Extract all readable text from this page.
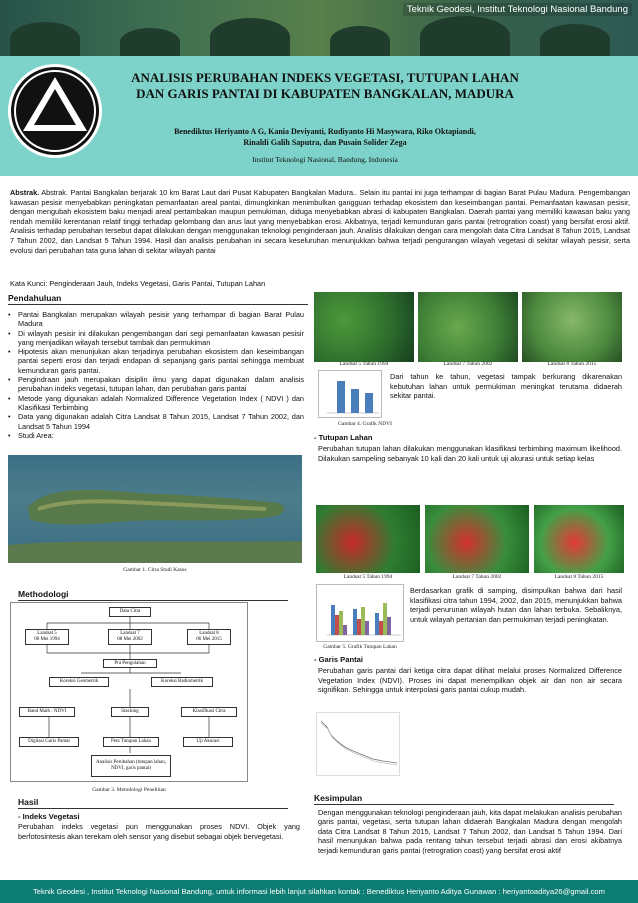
Teknik Geodesi, Institut Teknologi Nasional Bandung
ANALISIS PERUBAHAN INDEKS VEGETASI, TUTUPAN LAHAN
DAN GARIS PANTAI DI KABUPATEN BANGKALAN, MADURA
Benediktus Heriyanto A G, Kania Deviyanti, Rudiyanto Hi Masywara, Riko Oktapiandi,
Rinaldi Galih Saputra, dan Pusain Solider Zega
Institut Teknologi Nasional, Bandung, Indonesia
Abstrak. Abstrak. Pantai Bangkalan berjarak 10 km Barat Laut dari Pusat Kabupaten Bangkalan Madura.. Selain itu pantai ini juga terhampar di bagian Barat Pulau Madura. Pengembangan kawasan pesisir menyebabkan peningkatan pemanfaatan areal pantai, dimungkinkan menimbulkan gangguan terhadap ekosistem dan keseimbangan pantai. Pemanfaatan kawasan pesisir, dengan mengubah ekosistem baku menjadi areal pertambakan maupun pemukiman, diduga menyebabkan abrasi di kabupaten Bangkalan. Daerah pantai yang memiliki kawasan baku yang rendah memiliki kerentanan relatif tinggi terhadap gelombang dan arus laut yang menyebabkan erosi. Akibatnya, terjadi kemunduran garis pantai (retrogration coast) yang bersifat erosi aktif. Analisis terhadap perubahan tersebut dapat dilakukan dengan menggunakan teknologi penginderaan jauh. Analisis dilakukan dengan cara mengolah data Citra Landsat 8 Tahun 2015, Landsat 7 Tahun 2002, dan Landsat 5 Tahun 1994. Hasil dan analisis perubahan ini secara keseluruhan menunjukkan bahwa terjadi pengurangan wilayah vegetasi di sekitar wilayah pesisir, serta evolusi dari perubahan tata guna lahan di sekitar wilayah pantai
Kata Kunci: Penginderaan Jauh, Indeks Vegetasi, Garis Pantai, Tutupan Lahan
Pendahuluan
• Pantai Bangkalan merupakan wilayah pesisir yang terhampar di bagian Barat Pulau Madura
• Di wilayah pesisir ini dilakukan pengembangan dari segi pemanfaatan kawasan pesisir yang menjadikan wilayah tersebut tambak dan permukiman
• Hipotesis akan menunjukan akan terjadinya perubahan ekosistem dan keseimbangan pantai seperti erosi dan terjadi endapan di sepanjang garis pantai sehingga membuat kemunduran garis pantai.
• Pengindraan jauh merupakan disiplin ilmu yang dapat digunakan dalam analisis perubahan indeks vegetasi, tutupan lahan, dan perubahan garis pantai
• Metode yang digunakan adalah Normalized Difference Vegetation Index ( NDVI ) dan Klasifikasi Terbimbing
• Data yang digunakan adalah Citra Landsat 8 Tahun 2015, Landsat 7 Tahun 2002, dan Landsat 5 Tahun 1994
• Studi Area:
Gambar 1. Citra Studi Kasus
Methodologi
Data Citra
Landsat 5
06 Mei 1994
Landsat 7
08 Mei 2002
Landsat 8
06 Mei 2015
Pra Pengolahan
Koreksi Geometrik	Koreksi Radiometrik
Band Math : NDVI	Stacking	Klasifikasi Citra
Digitasi Garis Pantai	Peta Tutupan Lahan	Uji Akurasi
Analisis Perubahan (tutupan lahan, NDVI, garis pantai)
Gambar 3. Metodologi Penelitian
Hasil
- Indeks Vegetasi
Perubahan indeks vegetasi pun menggunakan proses NDVI. Objek yang berfotosintesis akan terekam oleh sensor yang disebut sebagai objek bervegetasi.
Landsat 5 Tahun 1994	Landsat 7 Tahun 2002	Landsat 8 Tahun 2015
Dari tahun ke tahun, vegetasi tampak berkurang dikarenakan kebutuhan lahan untuk permukiman meningkat terutama didaerah sekitar pantai.
Gambar 4. Grafik NDVI
- Tutupan Lahan
Perubahan tutupan lahan dilakukan menggunakan klasifikasi terbimbing maximum likelihood. Dilakukan sampeling sebanyak 10 kali dan 20 kali untuk uji akurasi untuk setiap kelas
Landsat 5 Tahun 1994	Landsat 7 Tahun 2002	Landsat 8 Tahun 2015
Berdasarkan grafik di samping, disimpulkan bahwa dari hasil klasifikasi citra tahun 1994, 2002, dan 2015, menunjukkan bahwa terjadi penurunan wilayah hutan dan lahan terbuka. Sebaliknya, untuk wilayah pertanian dan permukiman terjadi peningkatan.
Gambar 5. Grafik Tutupan Lahan
- Garis Pantai
Perubahan garis pantai dari ketiga citra dapat dilihat melalui proses Normalized Difference Vegetation Index (NDVI). Proses ini dapat menempilkan objek air dan non air secara signifikan. Sehingga untuk interpolasi garis pantai cukup mudah.
Kesimpulan
Dengan menggunakan teknologi penginderaan jauh, kita dapat melakukan analisis perubahan garis pantai, vegetasi, serta tutupan lahan didaerah Bangkalan Madura dengan mengolah data Citra Landsat 8 Tahun 2015, Landsat 7 Tahun 2002, dan Landsat 5 Tahun 1994. Dari hasil menunjukan bahwa pada rentang tahun tersebut terjadi abrasi dan erosi akibatnya terjadi kemunduran garis pantai (retrogration coast) yang bersifat erosi aktif
Teknik Geodesi , Institut Teknologi Nasional Bandung, untuk informasi lebih lanjut silahkan kontak : Benediktus Heriyanto Aditya Gunawan : heriyantoaditya26@gmail.com
